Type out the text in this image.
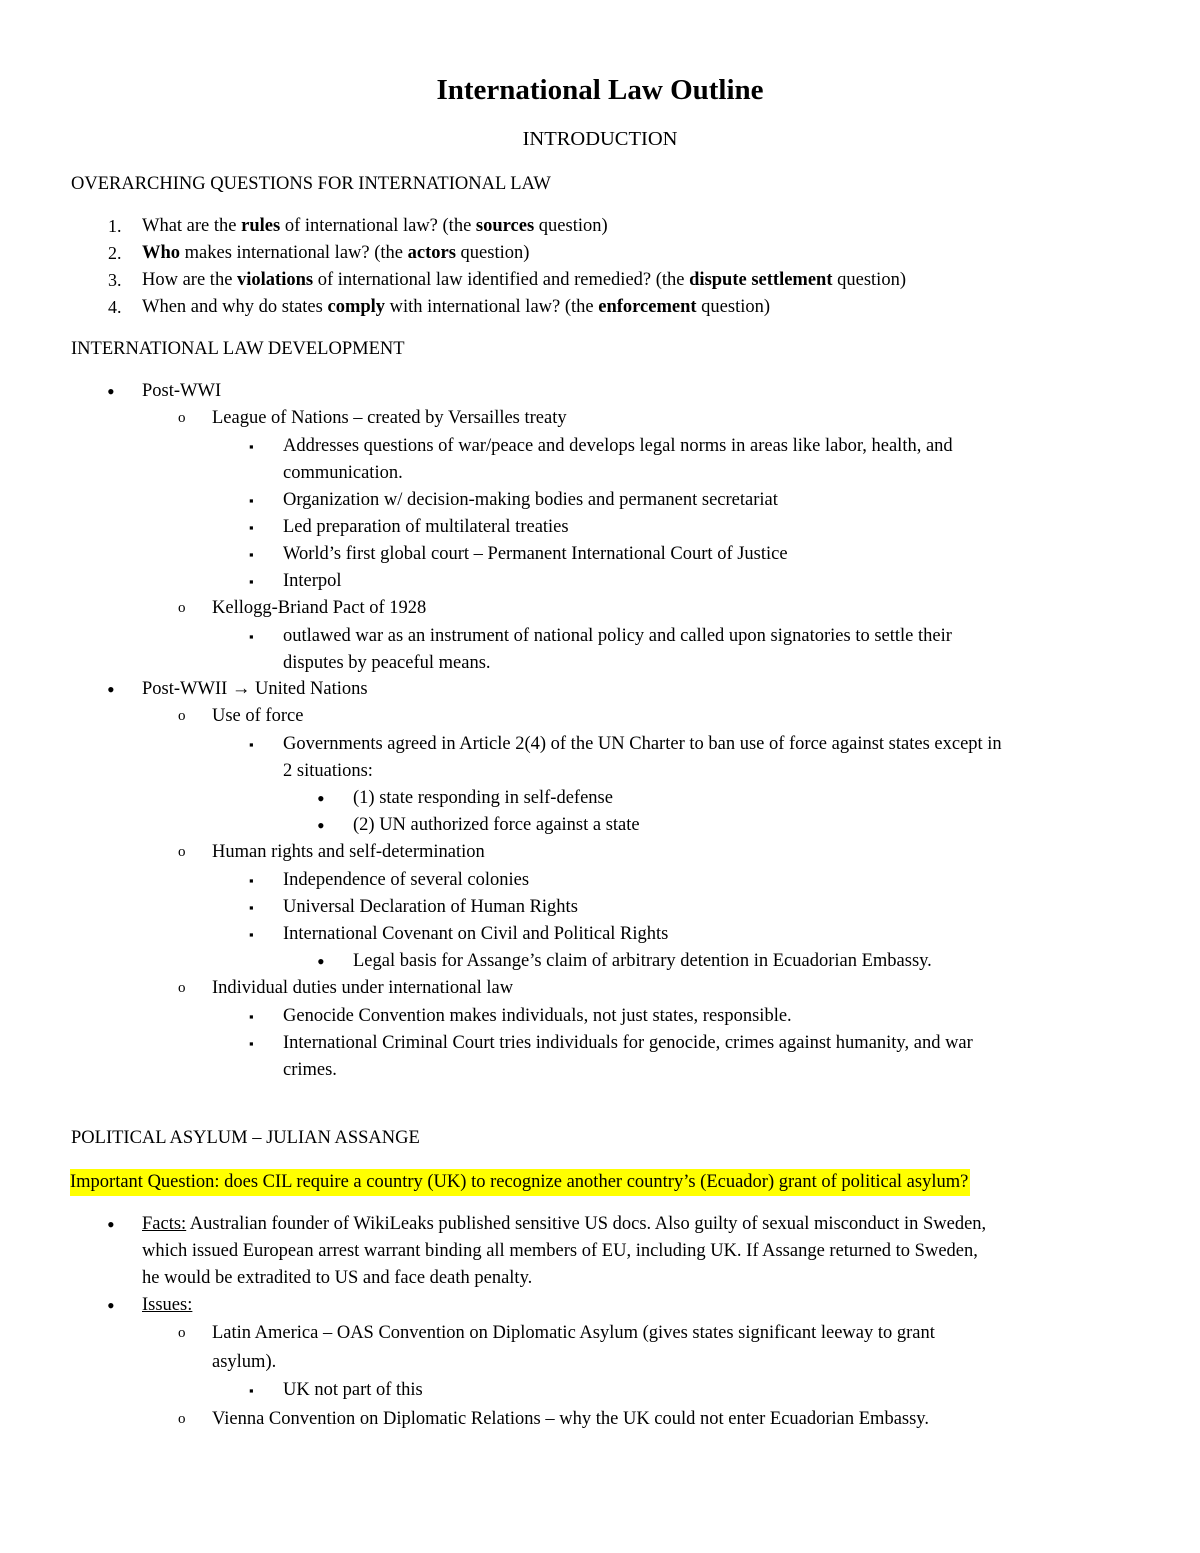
International Law Outline
INTRODUCTION
OVERARCHING QUESTIONS FOR INTERNATIONAL LAW
1. What are the rules of international law? (the sources question)
2. Who makes international law? (the actors question)
3. How are the violations of international law identified and remedied? (the dispute settlement question)
4. When and why do states comply with international law? (the enforcement question)
INTERNATIONAL LAW DEVELOPMENT
• Post-WWI
o League of Nations – created by Versailles treaty
▪ Addresses questions of war/peace and develops legal norms in areas like labor, health, and
communication.
▪ Organization w/ decision-making bodies and permanent secretariat
▪ Led preparation of multilateral treaties
▪ World’s first global court – Permanent International Court of Justice
▪ Interpol
o Kellogg-Briand Pact of 1928
▪ outlawed war as an instrument of national policy and called upon signatories to settle their
disputes by peaceful means.
• Post-WWII → United Nations
o Use of force
▪ Governments agreed in Article 2(4) of the UN Charter to ban use of force against states except in
2 situations:
• (1) state responding in self-defense
• (2) UN authorized force against a state
o Human rights and self-determination
▪ Independence of several colonies
▪ Universal Declaration of Human Rights
▪ International Covenant on Civil and Political Rights
• Legal basis for Assange’s claim of arbitrary detention in Ecuadorian Embassy.
o Individual duties under international law
▪ Genocide Convention makes individuals, not just states, responsible.
▪ International Criminal Court tries individuals for genocide, crimes against humanity, and war
crimes.
POLITICAL ASYLUM – JULIAN ASSANGE
Important Question: does CIL require a country (UK) to recognize another country’s (Ecuador) grant of political asylum?
• Facts: Australian founder of WikiLeaks published sensitive US docs. Also guilty of sexual misconduct in Sweden,
which issued European arrest warrant binding all members of EU, including UK. If Assange returned to Sweden,
he would be extradited to US and face death penalty.
• Issues:
o Latin America – OAS Convention on Diplomatic Asylum (gives states significant leeway to grant
asylum).
▪ UK not part of this
o Vienna Convention on Diplomatic Relations – why the UK could not enter Ecuadorian Embassy.
